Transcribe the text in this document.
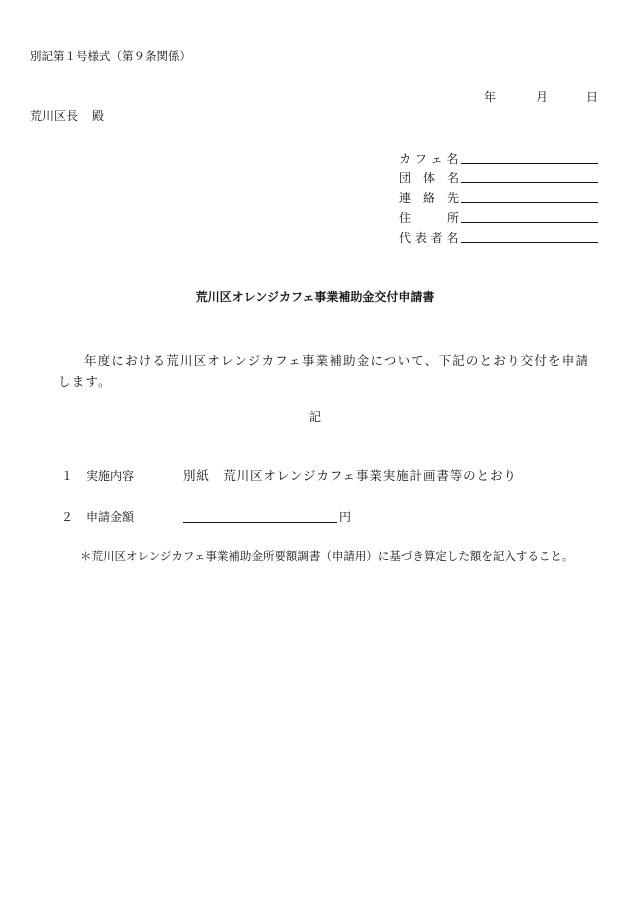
別記第１号様式（第９条関係）
年	月	日
荒川区長 殿
カ フ ェ 名
団　体　名
連　絡　先
住　　　所
代 表 者 名
荒川区オレンジカフェ事業補助金交付申請書
年度における荒川区オレンジカフェ事業補助金について、下記のとおり交付を申請します。
記
１ 実施内容	別紙　荒川区オレンジカフェ事業実施計画書等のとおり
２ 申請金額	円
＊荒川区オレンジカフェ事業補助金所要額調書（申請用）に基づき算定した額を記入すること。
